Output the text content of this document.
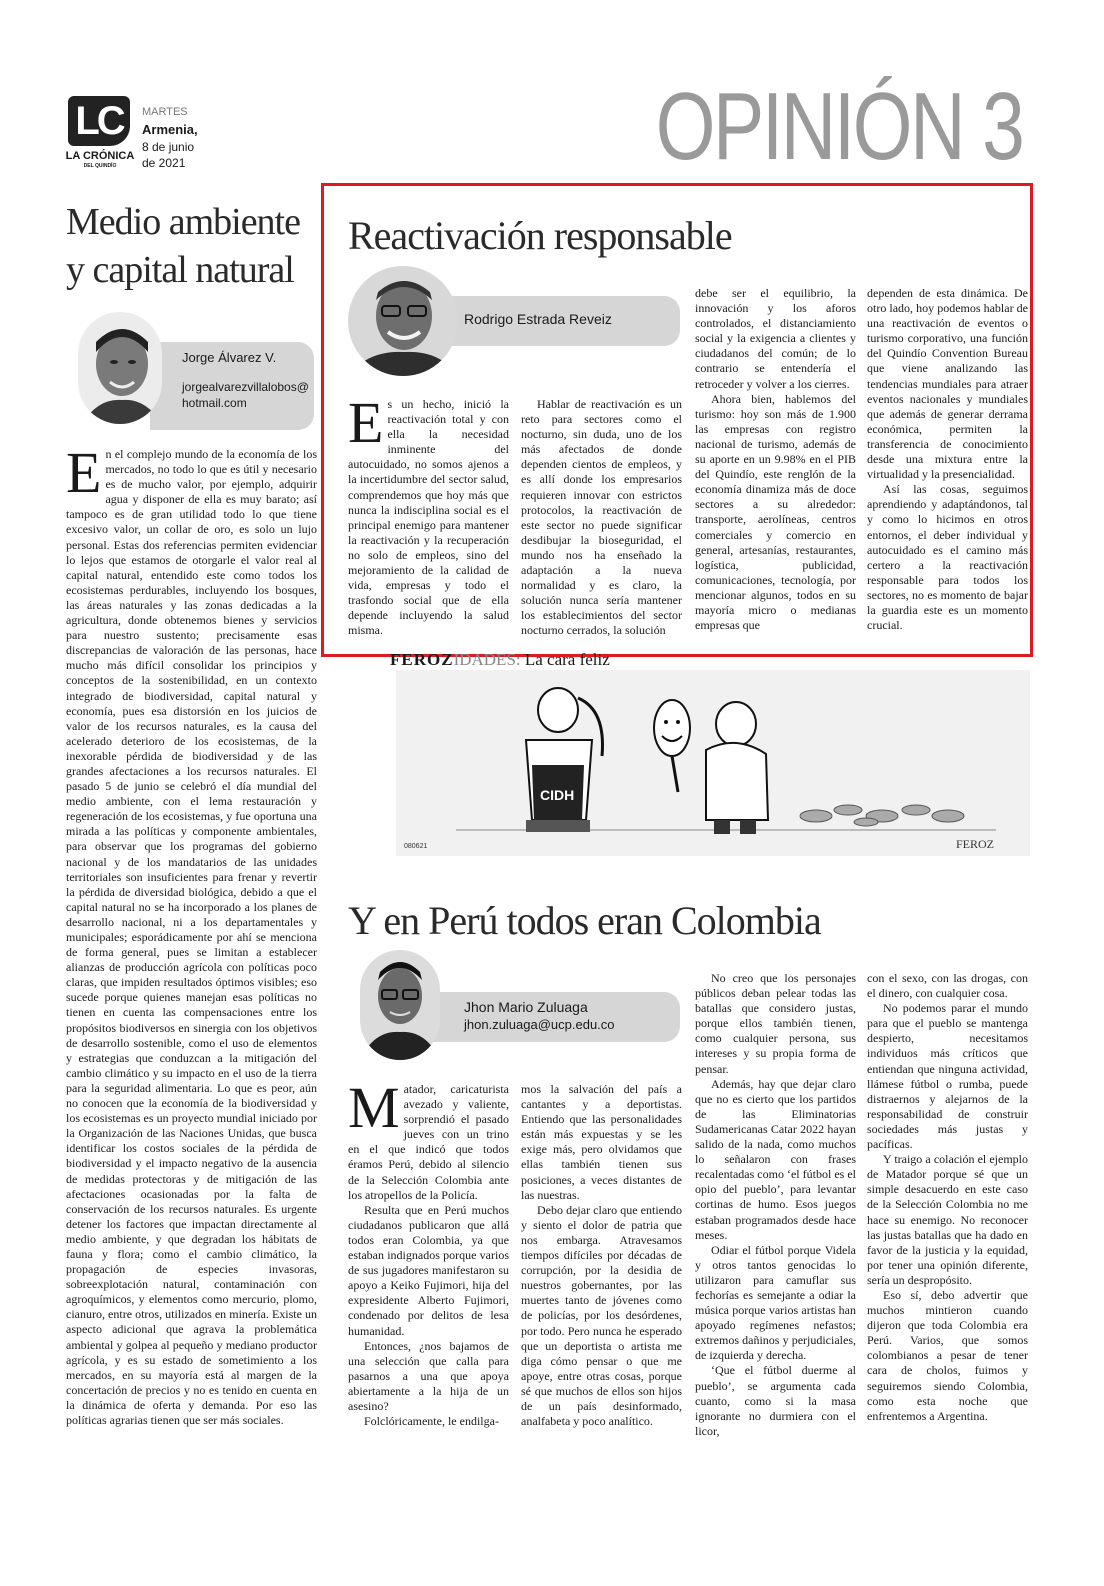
LC
LA CRÓNICA
DEL QUINDÍO
MARTES
Armenia,
8 de junio
de 2021	OPINIÓN 3
Medio ambiente
y capital natural
Jorge Álvarez V.
jorgealvarezvillalobos@
hotmail.com

En el complejo mundo de la economía de los mercados, no todo lo que es útil y necesario es de mucho valor, por ejemplo, adquirir agua y disponer de ella es muy barato; así tampoco es de gran utilidad todo lo que tiene excesivo valor, un collar de oro, es solo un lujo personal. Estas dos referencias permiten evidenciar lo lejos que estamos de otorgarle el valor real al capital natural, entendido este como todos los ecosistemas perdurables, incluyendo los bosques, las áreas naturales y las zonas dedicadas a la agricultura, donde obtenemos bienes y servicios para nuestro sustento; precisamente esas discrepancias de valoración de las personas, hace mucho más difícil consolidar los principios y conceptos de la sostenibilidad, en un contexto integrado de biodiversidad, capital natural y economía, pues esa distorsión en los juicios de valor de los recursos naturales, es la causa del acelerado deterioro de los ecosistemas, de la inexorable pérdida de biodiversidad y de las grandes afectaciones a los recursos naturales. El pasado 5 de junio se celebró el día mundial del medio ambiente, con el lema restauración y regeneración de los ecosistemas, y fue oportuna una mirada a las políticas y componente ambientales, para observar que los programas del gobierno nacional y de los mandatarios de las unidades territoriales son insuficientes para frenar y revertir la pérdida de diversidad biológica, debido a que el capital natural no se ha incorporado a los planes de desarrollo nacional, ni a los departamentales y municipales; esporádicamente por ahí se menciona de forma general, pues se limitan a establecer alianzas de producción agrícola con políticas poco claras, que impiden resultados óptimos visibles; eso sucede porque quienes manejan esas políticas no tienen en cuenta las compensaciones entre los propósitos biodiversos en sinergia con los objetivos de desarrollo sostenible, como el uso de elementos y estrategias que conduzcan a la mitigación del cambio climático y su impacto en el uso de la tierra para la seguridad alimentaria. Lo que es peor, aún no conocen que la economía de la biodiversidad y los ecosistemas es un proyecto mundial iniciado por la Organización de las Naciones Unidas, que busca identificar los costos sociales de la pérdida de biodiversidad y el impacto negativo de la ausencia de medidas protectoras y de mitigación de las afectaciones ocasionadas por la falta de conservación de los recursos naturales. Es urgente detener los factores que impactan directamente al medio ambiente, y que degradan los hábitats de fauna y flora; como el cambio climático, la propagación de especies invasoras, sobreexplotación natural, contaminación con agroquímicos, y elementos como mercurio, plomo, cianuro, entre otros, utilizados en minería. Existe un aspecto adicional que agrava la problemática ambiental y golpea al pequeño y mediano productor agrícola, y es su estado de sometimiento a los mercados, en su mayoría está al margen de la concertación de precios y no es tenido en cuenta en la dinámica de oferta y demanda. Por eso las políticas agrarias tienen que ser más sociales.

Reactivación responsable
Rodrigo Estrada Reveiz

Es un hecho, inició la reactivación total y con ella la necesidad inminente del autocuidado, no somos ajenos a la incertidumbre del sector salud, comprendemos que hoy más que nunca la indisciplina social es el principal enemigo para mantener la reactivación y la recuperación no solo de empleos, sino del mejoramiento de la calidad de vida, empresas y todo el trasfondo social que de ella depende incluyendo la salud misma.

Hablar de reactivación es un reto para sectores como el nocturno, sin duda, uno de los más afectados de donde dependen cientos de empleos, y es allí donde los empresarios requieren innovar con estrictos protocolos, la reactivación de este sector no puede significar desdibujar la bioseguridad, el mundo nos ha enseñado la adaptación a la nueva normalidad y es claro, la solución nunca sería mantener los establecimientos del sector nocturno cerrados, la solución

debe ser el equilibrio, la innovación y los aforos controlados, el distanciamiento social y la exigencia a clientes y ciudadanos del común; de lo contrario se entendería el retroceder y volver a los cierres.

Ahora bien, hablemos del turismo: hoy son más de 1.900 las empresas con registro nacional de turismo, además de su aporte en un 9.98% en el PIB del Quindío, este renglón de la economía dinamiza más de doce sectores a su alrededor: transporte, aerolíneas, centros comerciales y comercio en general, artesanías, restaurantes, logística, publicidad, comunicaciones, tecnología, por mencionar algunos, todos en su mayoría micro o medianas empresas que

dependen de esta dinámica. De otro lado, hoy podemos hablar de una reactivación de eventos o turismo corporativo, una función del Quindío Convention Bureau que viene analizando las tendencias mundiales para atraer eventos nacionales y mundiales que además de generar derrama económica, permiten la transferencia de conocimiento desde una mixtura entre la virtualidad y la presencialidad.

Así las cosas, seguimos aprendiendo y adaptándonos, tal y como lo hicimos en otros entornos, el deber individual y autocuidado es el camino más certero a la reactivación responsable para todos los sectores, no es momento de bajar la guardia este es un momento crucial.

FEROZIDADES: La cara feliz
CIDH
080621	FEROZ
Y en Perú todos eran Colombia
Jhon Mario Zuluaga
jhon.zuluaga@ucp.edu.co

Matador, caricaturista avezado y valiente, sorprendió el pasado jueves con un trino en el que indicó que todos éramos Perú, debido al silencio de la Selección Colombia ante los atropellos de la Policía.

Resulta que en Perú muchos ciudadanos publicaron que allá todos eran Colombia, ya que estaban indignados porque varios de sus jugadores manifestaron su apoyo a Keiko Fujimori, hija del expresidente Alberto Fujimori, condenado por delitos de lesa humanidad.

Entonces, ¿nos bajamos de una selección que calla para pasarnos a una que apoya abiertamente a la hija de un asesino?

Folclóricamente, le endilga-

mos la salvación del país a cantantes y a deportistas. Entiendo que las personalidades están más expuestas y se les exige más, pero olvidamos que ellas también tienen sus posiciones, a veces distantes de las nuestras.

Debo dejar claro que entiendo y siento el dolor de patria que nos embarga. Atravesamos tiempos difíciles por décadas de corrupción, por la desidia de nuestros gobernantes, por las muertes tanto de jóvenes como de policías, por los desórdenes, por todo. Pero nunca he esperado que un deportista o artista me diga cómo pensar o que me apoye, entre otras cosas, porque sé que muchos de ellos son hijos de un país desinformado, analfabeta y poco analítico.

No creo que los personajes públicos deban pelear todas las batallas que considero justas, porque ellos también tienen, como cualquier persona, sus intereses y su propia forma de pensar.

Además, hay que dejar claro que no es cierto que los partidos de las Eliminatorias Sudamericanas Catar 2022 hayan salido de la nada, como muchos lo señalaron con frases recalentadas como ‘el fútbol es el opio del pueblo’, para levantar cortinas de humo. Esos juegos estaban programados desde hace meses.

Odiar el fútbol porque Videla y otros tantos genocidas lo utilizaron para camuflar sus fechorías es semejante a odiar la música porque varios artistas han apoyado regímenes nefastos; extremos dañinos y perjudiciales, de izquierda y derecha.

‘Que el fútbol duerme al pueblo’, se argumenta cada cuanto, como si la masa ignorante no durmiera con el licor,

con el sexo, con las drogas, con el dinero, con cualquier cosa.

No podemos parar el mundo para que el pueblo se mantenga despierto, necesitamos individuos más críticos que entiendan que ninguna actividad, llámese fútbol o rumba, puede distraernos y alejarnos de la responsabilidad de construir sociedades más justas y pacíficas.

Y traigo a colación el ejemplo de Matador porque sé que un simple desacuerdo en este caso de la Selección Colombia no me hace su enemigo. No reconocer las justas batallas que ha dado en favor de la justicia y la equidad, por tener una opinión diferente, sería un despropósito.

Eso sí, debo advertir que muchos mintieron cuando dijeron que toda Colombia era Perú. Varios, que somos colombianos a pesar de tener cara de cholos, fuimos y seguiremos siendo Colombia, como esta noche que enfrentemos a Argentina.
